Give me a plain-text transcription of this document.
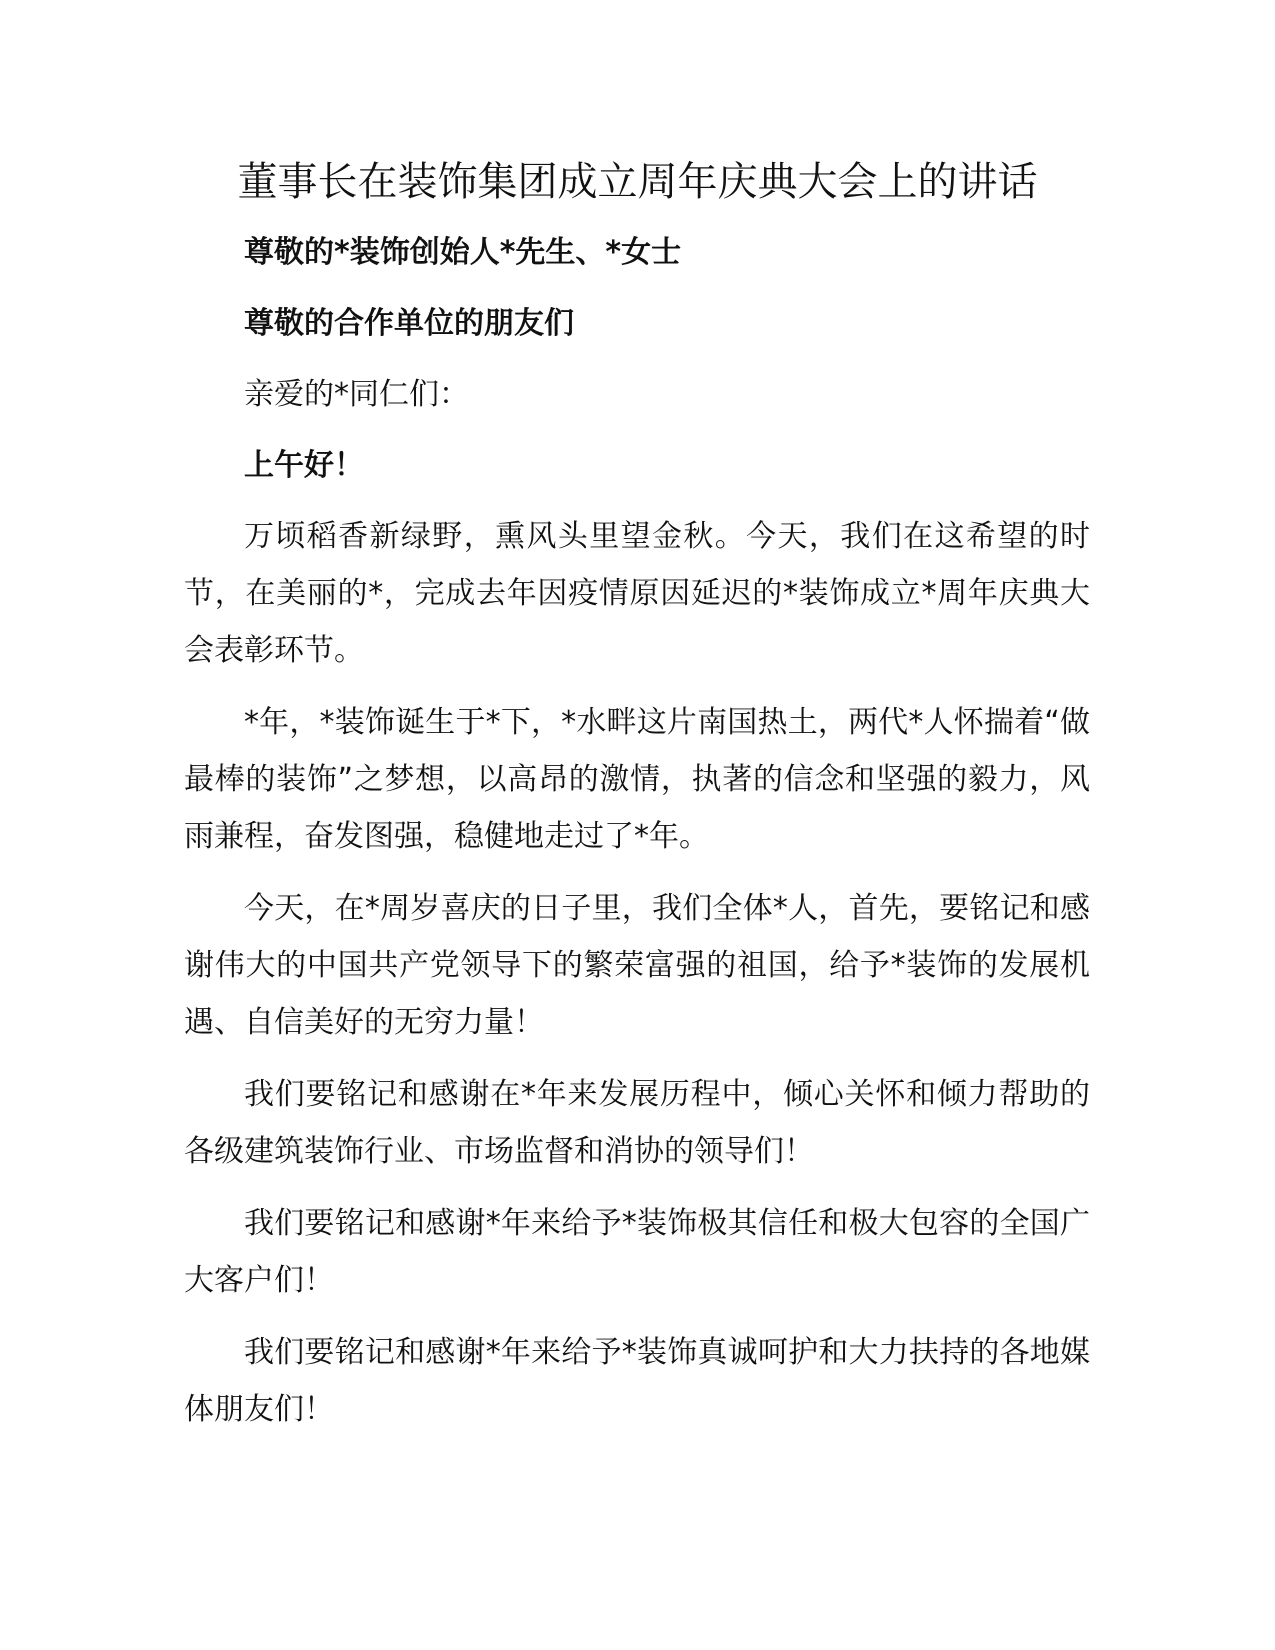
董事长在装饰集团成立周年庆典大会上的讲话

尊敬的*装饰创始人*先生、*女士

尊敬的合作单位的朋友们

亲爱的*同仁们：

上午好！

万顷稻香新绿野，熏风头里望金秋。今天，我们在这希望的时节，在美丽的*，完成去年因疫情原因延迟的*装饰成立*周年庆典大会表彰环节。

*年，*装饰诞生于*下，*水畔这片南国热土，两代*人怀揣着“做最棒的装饰”之梦想，以高昂的激情，执著的信念和坚强的毅力，风雨兼程，奋发图强，稳健地走过了*年。

今天，在*周岁喜庆的日子里，我们全体*人，首先，要铭记和感谢伟大的中国共产党领导下的繁荣富强的祖国，给予*装饰的发展机遇、自信美好的无穷力量！

我们要铭记和感谢在*年来发展历程中，倾心关怀和倾力帮助的各级建筑装饰行业、市场监督和消协的领导们！

我们要铭记和感谢*年来给予*装饰极其信任和极大包容的全国广大客户们！

我们要铭记和感谢*年来给予*装饰真诚呵护和大力扶持的各地媒体朋友们！
